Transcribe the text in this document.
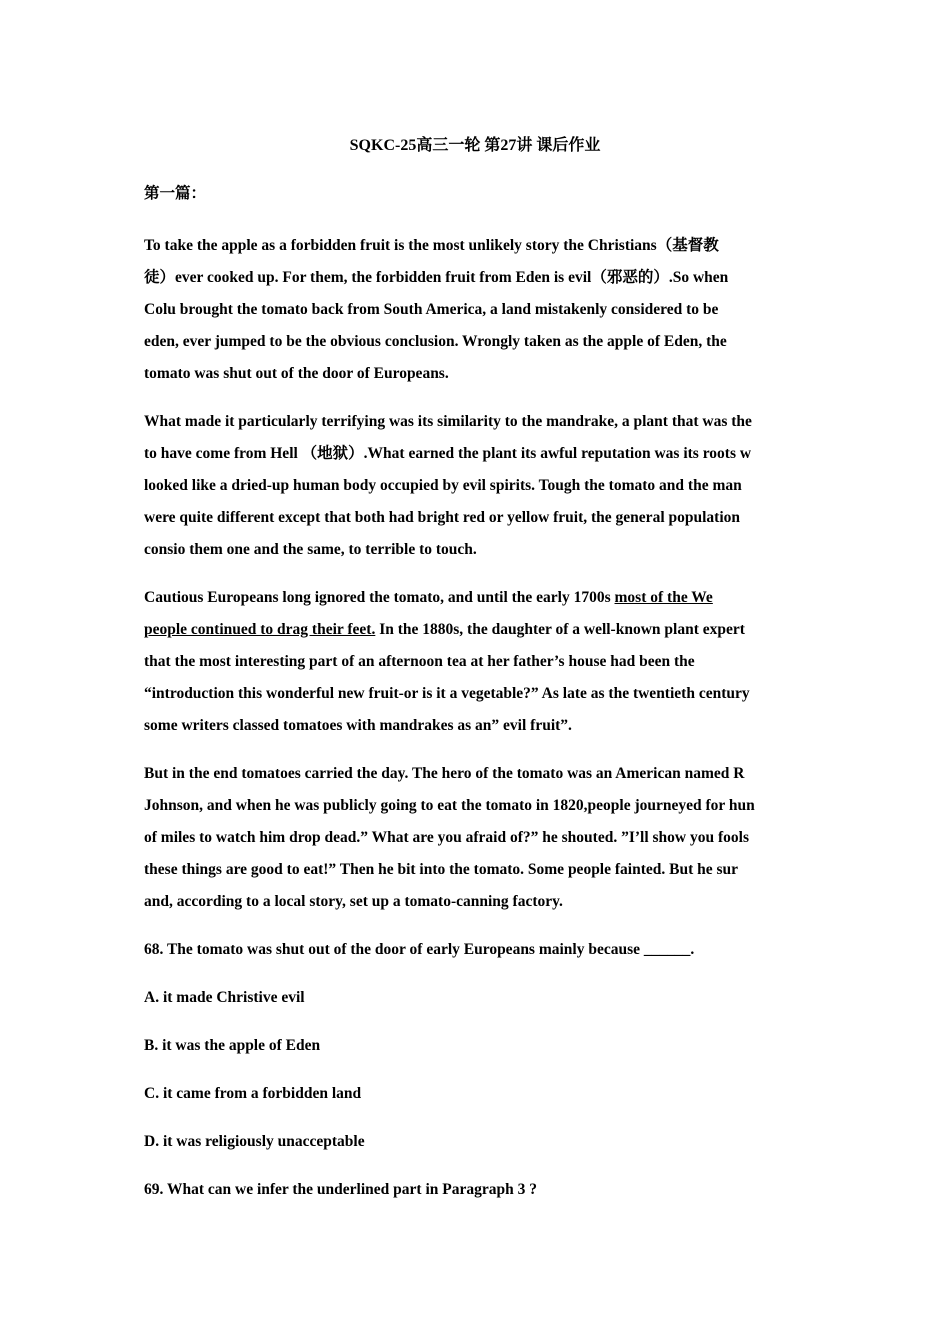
SQKC-25高三一轮 第27讲 课后作业
第一篇：
To take the apple as a forbidden fruit is the most unlikely story the Christians（基督教
徒）ever cooked up. For them, the forbidden fruit from Eden is evil（邪恶的）.So when
Colu brought the tomato back from South America, a land mistakenly considered to be
eden, ever jumped to be the obvious conclusion. Wrongly taken as the apple of Eden, the
tomato was shut out of the door of Europeans.
What made it particularly terrifying was its similarity to the mandrake, a plant that was the
to have come from Hell （地狱）.What earned the plant its awful reputation was its roots w
looked like a dried-up human body occupied by evil spirits. Tough the tomato and the man
were quite different except that both had bright red or yellow fruit, the general population
consio them one and the same, to terrible to touch.
Cautious Europeans long ignored the tomato, and until the early 1700s most of the We
people continued to drag their feet. In the 1880s, the daughter of a well-known plant expert
that the most interesting part of an afternoon tea at her father’s house had been the
“introduction this wonderful new fruit-or is it a vegetable?” As late as the twentieth century
some writers classed tomatoes with mandrakes as an” evil fruit”.
But in the end tomatoes carried the day. The hero of the tomato was an American named R
Johnson, and when he was publicly going to eat the tomato in 1820,people journeyed for hun
of miles to watch him drop dead.” What are you afraid of?” he shouted. ”I’ll show you fools
these things are good to eat!” Then he bit into the tomato. Some people fainted. But he sur
and, according to a local story, set up a tomato-canning factory.
68. The tomato was shut out of the door of early Europeans mainly because ______.
A. it made Christive evil
B. it was the apple of Eden
C. it came from a forbidden land
D. it was religiously unacceptable
69. What can we infer the underlined part in Paragraph 3 ?
